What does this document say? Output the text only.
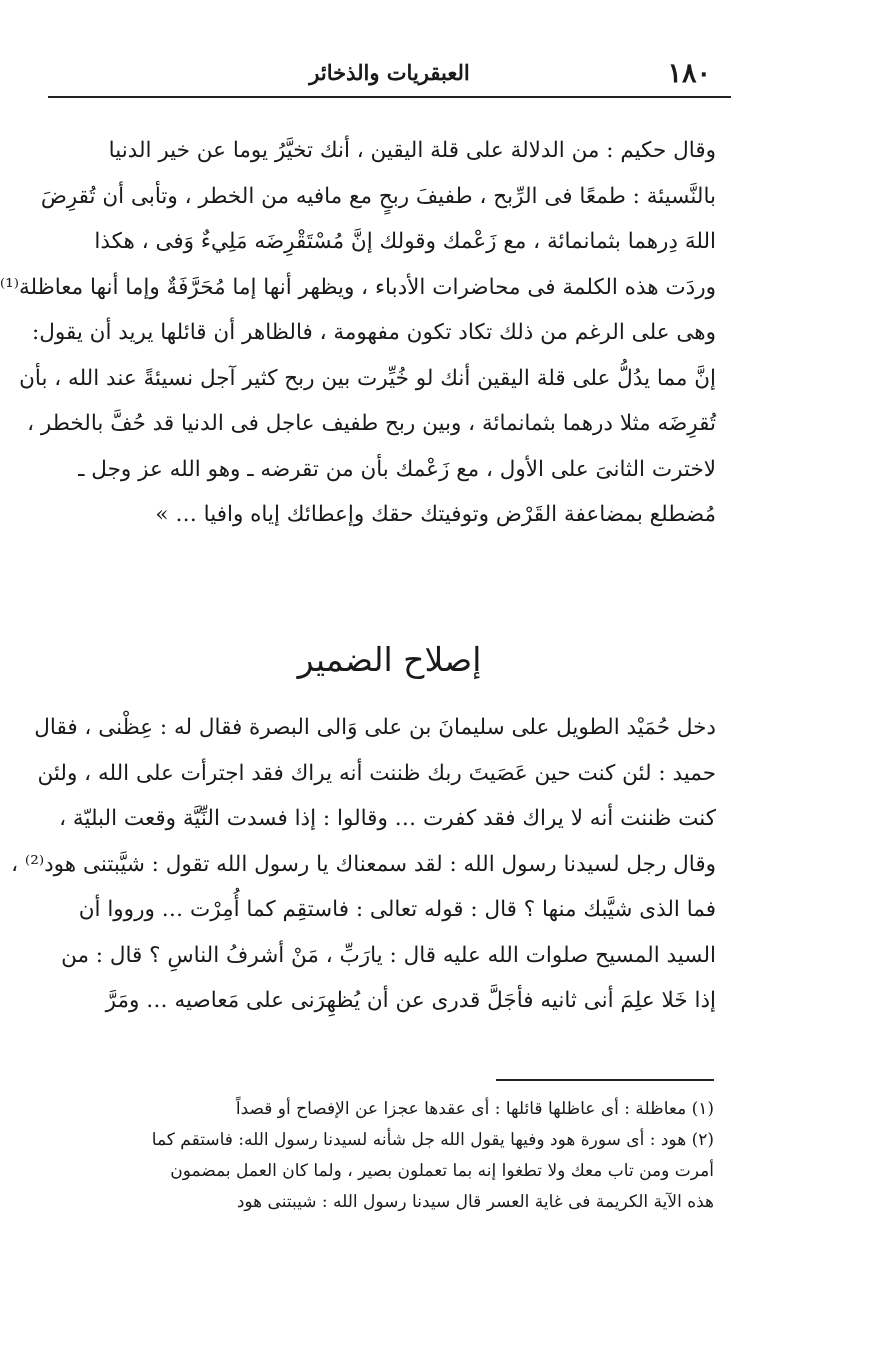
١٨٠
العبقريات والذخائر
وقال حكيم : من الدلالة على قلة اليقين ، أنك تخيَّرُ يوما عن خير الدنيا
بالنَّسيئة : طمعًا فى الرِّبح ، طفيفَ ربحٍ مع مافيه من الخطر ، وتأبى أن تُقرِضَ
اللهَ دِرهما بثمانمائة ، مع زَعْمك وقولك إنَّ مُسْتَقْرِضَه مَلِيءٌ وَفى ، هكذا
وردَت هذه الكلمة فى محاضرات الأدباء ، ويظهر أنها إما مُحَرَّفَةٌ وإما أنها معاظلة⁽¹⁾
وهى على الرغم من ذلك تكاد تكون مفهومة ، فالظاهر أن قائلها يريد أن يقول:
إنَّ مما يدُلُّ على قلة اليقين أنك لو خُيِّرت بين ربح كثير آجل نسيئةً عند الله ، بأن
تُقرِضَه مثلا درهما بثمانمائة ، وبين ربح طفيف عاجل فى الدنيا قد حُفَّ بالخطر ،
لاخترت الثانىَ على الأول ، مع زَعْمك بأن من تقرضه ـ وهو الله عز وجل ـ
مُضطلع بمضاعفة القَرْض وتوفيتك حقك وإعطائك إياه وافيا … »
إصلاح الضمير
دخل حُمَيْد الطويل على سليمانَ بن على وَالى البصرة فقال له : عِظْنى ، فقال
حميد : لئن كنت حين عَصَيتَ ربك ظننت أنه يراك فقد اجترأت على الله ، ولئن
كنت ظننت أنه لا يراك فقد كفرت … وقالوا : إذا فسدت النِّيَّة وقعت البليّة ،
وقال رجل لسيدنا رسول الله : لقد سمعناك يا رسول الله تقول : شيَّبتنى هود⁽²⁾ ،
فما الذى شيَّبك منها ؟ قال : قوله تعالى : فاستقِم كما أُمِرْت … ورووا أن
السيد المسيح صلوات الله عليه قال : يارَبِّ ، مَنْ أشرفُ الناسِ ؟ قال : من
إذا خَلا علِمَ أنى ثانيه فأجَلَّ قدرى عن أن يُظهِرَنى على مَعاصيه … ومَرَّ
(١) معاظلة : أى عاظلها قائلها : أى عقدها عجزا عن الإفصاح أو قصداً
(٢) هود : أى سورة هود وفيها يقول الله جل شأنه لسيدنا رسول الله: فاستقم كما
أمرت ومن تاب معك ولا تطغوا إنه بما تعملون بصير ، ولما كان العمل بمضمون
هذه الآية الكريمة فى غاية العسر قال سيدنا رسول الله : شيبتنى هود
